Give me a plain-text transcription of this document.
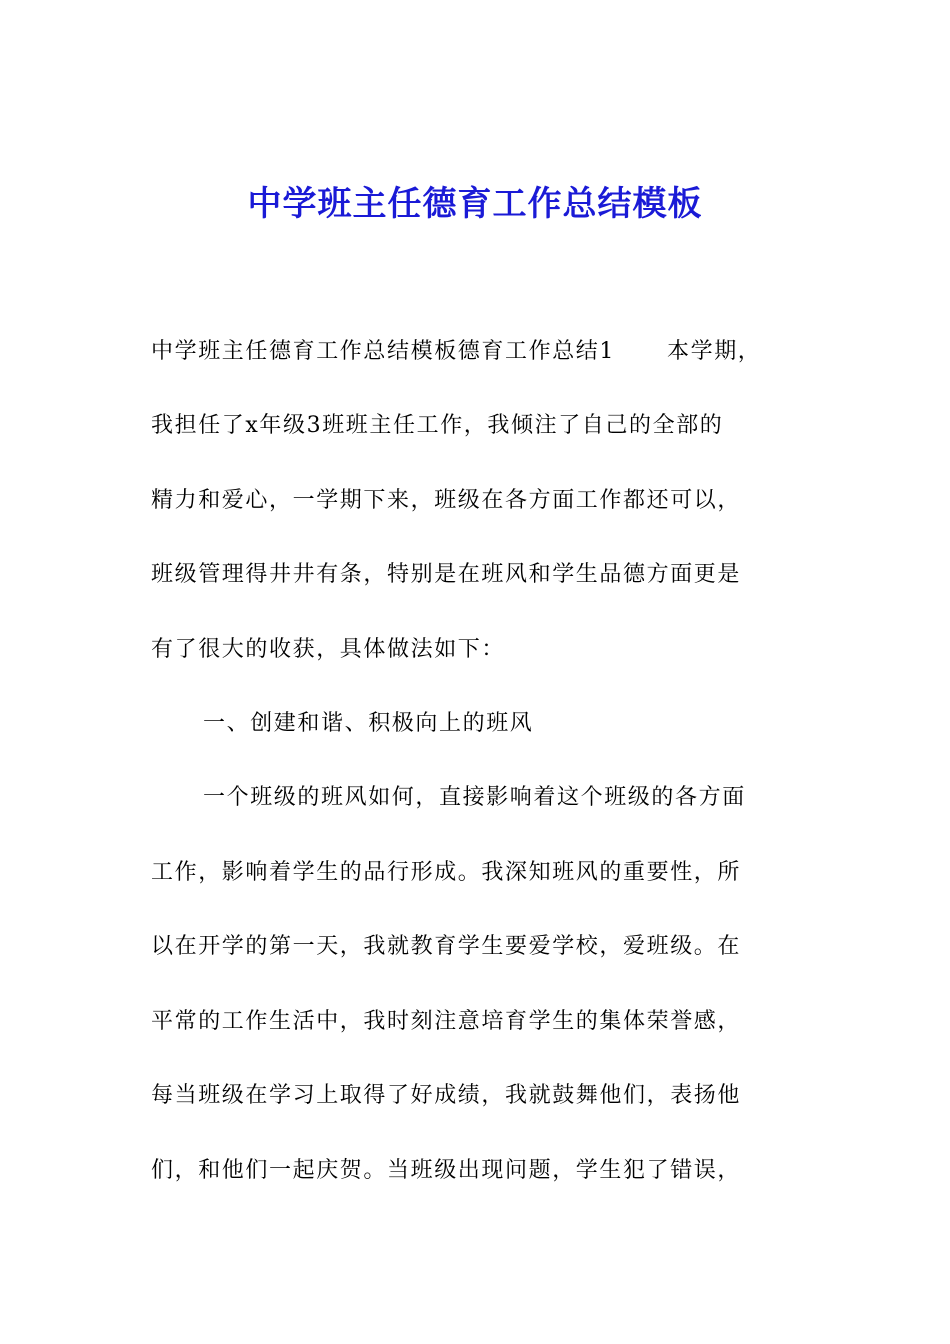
中学班主任德育工作总结模板
中学班主任德育工作总结模板德育工作总结1 本学期，
我担任了x年级3班班主任工作，我倾注了自己的全部的
精力和爱心，一学期下来，班级在各方面工作都还可以，
班级管理得井井有条，特别是在班风和学生品德方面更是
有了很大的收获，具体做法如下：
一、创建和谐、积极向上的班风
一个班级的班风如何，直接影响着这个班级的各方面
工作，影响着学生的品行形成。我深知班风的重要性，所
以在开学的第一天，我就教育学生要爱学校，爱班级。在
平常的工作生活中，我时刻注意培育学生的集体荣誉感，
每当班级在学习上取得了好成绩，我就鼓舞他们，表扬他
们，和他们一起庆贺。当班级出现问题，学生犯了错误，
